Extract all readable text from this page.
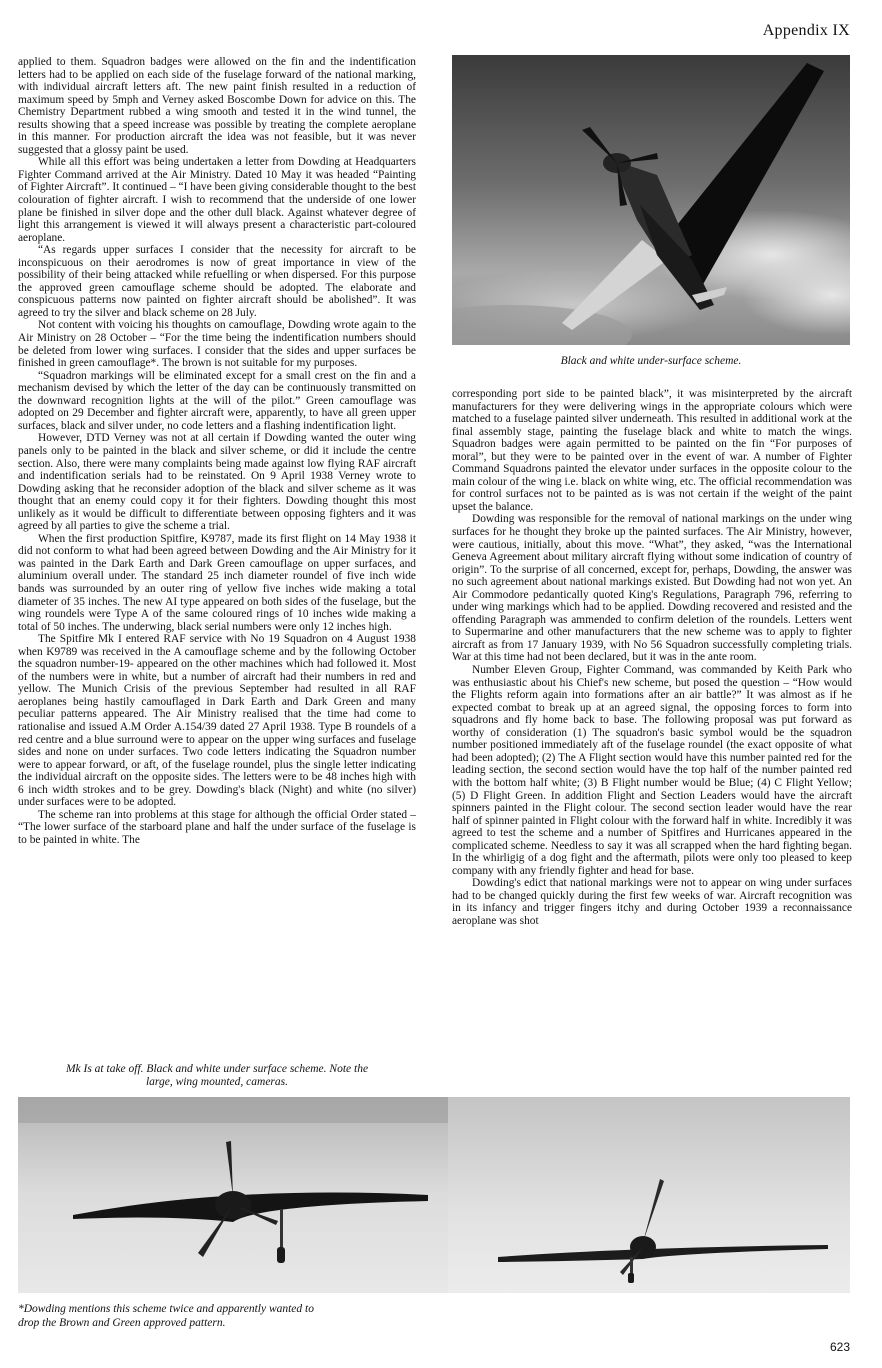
Appendix IX

applied to them. Squadron badges were allowed on the fin and the indentification letters had to be applied on each side of the fuselage forward of the national marking, with individual aircraft letters aft. The new paint finish resulted in a reduction of maximum speed by 5mph and Verney asked Boscombe Down for advice on this. The Chemistry Department rubbed a wing smooth and tested it in the wind tunnel, the results showing that a speed increase was possible by treating the complete aeroplane in this manner. For production aircraft the idea was not feasible, but it was never suggested that a glossy paint be used.

While all this effort was being undertaken a letter from Dowding at Headquarters Fighter Command arrived at the Air Ministry. Dated 10 May it was headed “Painting of Fighter Aircraft”. It continued – “I have been giving considerable thought to the best colouration of fighter aircraft. I wish to recommend that the underside of one lower plane be finished in silver dope and the other dull black. Against whatever degree of light this arrangement is viewed it will always present a characteristic part-coloured aeroplane.

“As regards upper surfaces I consider that the necessity for aircraft to be inconspicuous on their aerodromes is now of great importance in view of the possibility of their being attacked while refuelling or when dispersed. For this purpose the approved green camouflage scheme should be adopted. The elaborate and conspicuous patterns now painted on fighter aircraft should be abolished”. It was agreed to try the silver and black scheme on 28 July.

Not content with voicing his thoughts on camouflage, Dowding wrote again to the Air Ministry on 28 October – “For the time being the indentification numbers should be deleted from lower wing surfaces. I consider that the sides and upper surfaces be finished in green camouflage*. The brown is not suitable for my purposes.

“Squadron markings will be eliminated except for a small crest on the fin and a mechanism devised by which the letter of the day can be continuously transmitted on the downward recognition lights at the will of the pilot.” Green camouflage was adopted on 29 December and fighter aircraft were, apparently, to have all green upper surfaces, black and silver under, no code letters and a flashing indentification light.

However, DTD Verney was not at all certain if Dowding wanted the outer wing panels only to be painted in the black and silver scheme, or did it include the centre section. Also, there were many complaints being made against low flying RAF aircraft and indentification serials had to be reinstated. On 9 April 1938 Verney wrote to Dowding asking that he reconsider adoption of the black and silver scheme as it was thought that an enemy could copy it for their fighters. Dowding thought this most unlikely as it would be difficult to differentiate between opposing fighters and it was agreed by all parties to give the scheme a trial.

When the first production Spitfire, K9787, made its first flight on 14 May 1938 it did not conform to what had been agreed between Dowding and the Air Ministry for it was painted in the Dark Earth and Dark Green camouflage on upper surfaces, and aluminium overall under. The standard 25 inch diameter roundel of five inch wide bands was surrounded by an outer ring of yellow five inches wide making a total diameter of 35 inches. The new AI type appeared on both sides of the fuselage, but the wing roundels were Type A of the same coloured rings of 10 inches wide making a total of 50 inches. The underwing, black serial numbers were only 12 inches high.

The Spitfire Mk I entered RAF service with No 19 Squadron on 4 August 1938 when K9789 was received in the A camouflage scheme and by the following October the squadron number-19- appeared on the other machines which had followed it. Most of the numbers were in white, but a number of aircraft had their numbers in red and yellow. The Munich Crisis of the previous September had resulted in all RAF aeroplanes being hastily camouflaged in Dark Earth and Dark Green and many peculiar patterns appeared. The Air Ministry realised that the time had come to rationalise and issued A.M Order A.154/39 dated 27 April 1938. Type B roundels of a red centre and a blue surround were to appear on the upper wing surfaces and fuselage sides and none on under surfaces. Two code letters indicating the Squadron number were to appear forward, or aft, of the fuselage roundel, plus the single letter indicating the individual aircraft on the opposite sides. The letters were to be 48 inches high with 6 inch width strokes and to be grey. Dowding's black (Night) and white (no silver) under surfaces were to be adopted.

The scheme ran into problems at this stage for although the official Order stated – “The lower surface of the starboard plane and half the under surface of the fuselage is to be painted in white. The

Black and white under-surface scheme.

corresponding port side to be painted black”, it was misinterpreted by the aircraft manufacturers for they were delivering wings in the appropriate colours which were matched to a fuselage painted silver underneath. This resulted in additional work at the final assembly stage, painting the fuselage black and white to match the wings. Squadron badges were again permitted to be painted on the fin “For purposes of moral”, but they were to be painted over in the event of war. A number of Fighter Command Squadrons painted the elevator under surfaces in the opposite colour to the main colour of the wing i.e. black on white wing, etc. The official recommendation was for control surfaces not to be painted as is was not certain if the weight of the paint upset the balance.

Dowding was responsible for the removal of national markings on the under wing surfaces for he thought they broke up the painted surfaces. The Air Ministry, however, were cautious, initially, about this move. “What”, they asked, “was the International Geneva Agreement about military aircraft flying without some indication of country of origin”. To the surprise of all concerned, except for, perhaps, Dowding, the answer was no such agreement about national markings existed. But Dowding had not won yet. An Air Commodore pedantically quoted King's Regulations, Paragraph 796, referring to under wing markings which had to be applied. Dowding recovered and resisted and the offending Paragraph was ammended to confirm deletion of the roundels. Letters went to Supermarine and other manufacturers that the new scheme was to apply to fighter aircraft as from 17 January 1939, with No 56 Squadron successfully completing trials. War at this time had not been declared, but it was in the ante room.

Number Eleven Group, Fighter Command, was commanded by Keith Park who was enthusiastic about his Chief's new scheme, but posed the question – “How would the Flights reform again into formations after an air battle?” It was almost as if he expected combat to break up at an agreed signal, the opposing forces to form into squadrons and fly home back to base. The following proposal was put forward as worthy of consideration (1) The squadron's basic symbol would be the squadron number positioned immediately aft of the fuselage roundel (the exact opposite of what had been adopted); (2) The A Flight section would have this number painted red for the leading section, the second section would have the top half of the number painted red with the bottom half white; (3) B Flight number would be Blue; (4) C Flight Yellow; (5) D Flight Green. In addition Flight and Section Leaders would have the aircraft spinners painted in the Flight colour. The second section leader would have the rear half of spinner painted in Flight colour with the forward half in white. Incredibly it was agreed to test the scheme and a number of Spitfires and Hurricanes appeared in the complicated scheme. Needless to say it was all scrapped when the hard fighting began. In the whirligig of a dog fight and the aftermath, pilots were only too pleased to keep company with any friendly fighter and head for base.

Dowding's edict that national markings were not to appear on wing under surfaces had to be changed quickly during the first few weeks of war. Aircraft recognition was in its infancy and trigger fingers itchy and during October 1939 a reconnaissance aeroplane was shot

Mk Is at take off. Black and white under surface scheme. Note the
large, wing mounted, cameras.
*Dowding mentions this scheme twice and apparently wanted to
drop the Brown and Green approved pattern.
623
